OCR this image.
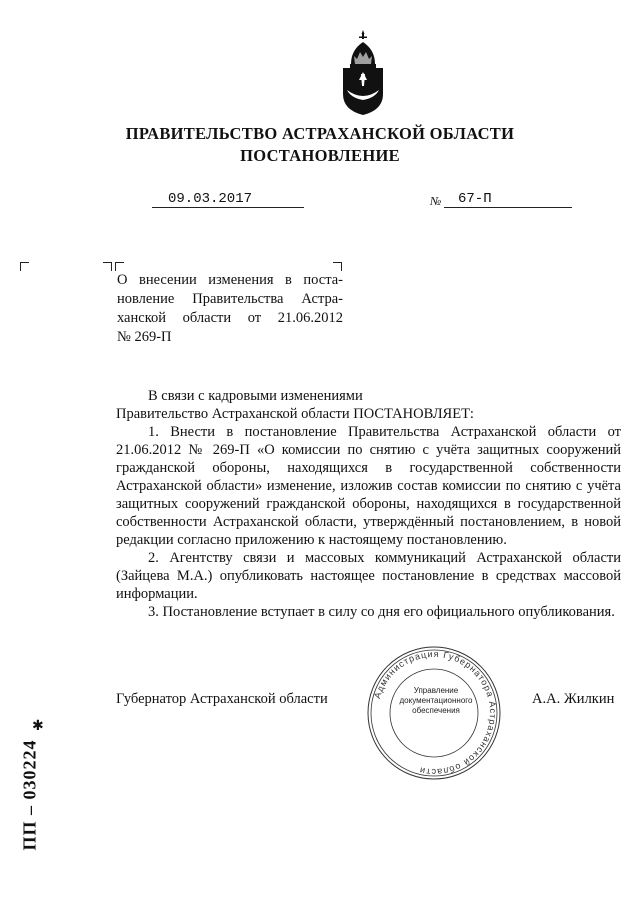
ПРАВИТЕЛЬСТВО АСТРАХАНСКОЙ ОБЛАСТИ
ПОСТАНОВЛЕНИЕ
09.03.2017	№ 67-П
О внесении изменения в поста-
новление Правительства Астра-
ханской области от 21.06.2012
№ 269-П

В связи с кадровыми изменениями

Правительство Астраханской области ПОСТАНОВЛЯЕТ:

1. Внести в постановление Правительства Астраханской области от 21.06.2012 № 269-П «О комиссии по снятию с учёта защитных сооружений гражданской обороны, находящихся в государственной собственности Астраханской области» изменение, изложив состав комиссии по снятию с учёта защитных сооружений гражданской обороны, находящихся в государственной собственности Астраханской области, утверждённый постановлением, в новой редакции согласно приложению к настоящему постановлению.

2. Агентству связи и массовых коммуникаций Астраханской области (Зайцева М.А.) опубликовать настоящее постановление в средствах массовой информации.

3. Постановление вступает в силу со дня его официального опубликования.

Губернатор Астраханской области	А.А. Жилкин
Администрация Губернатора Астраханской области
Управление документационного обеспечения
ПП – 030224
✱
